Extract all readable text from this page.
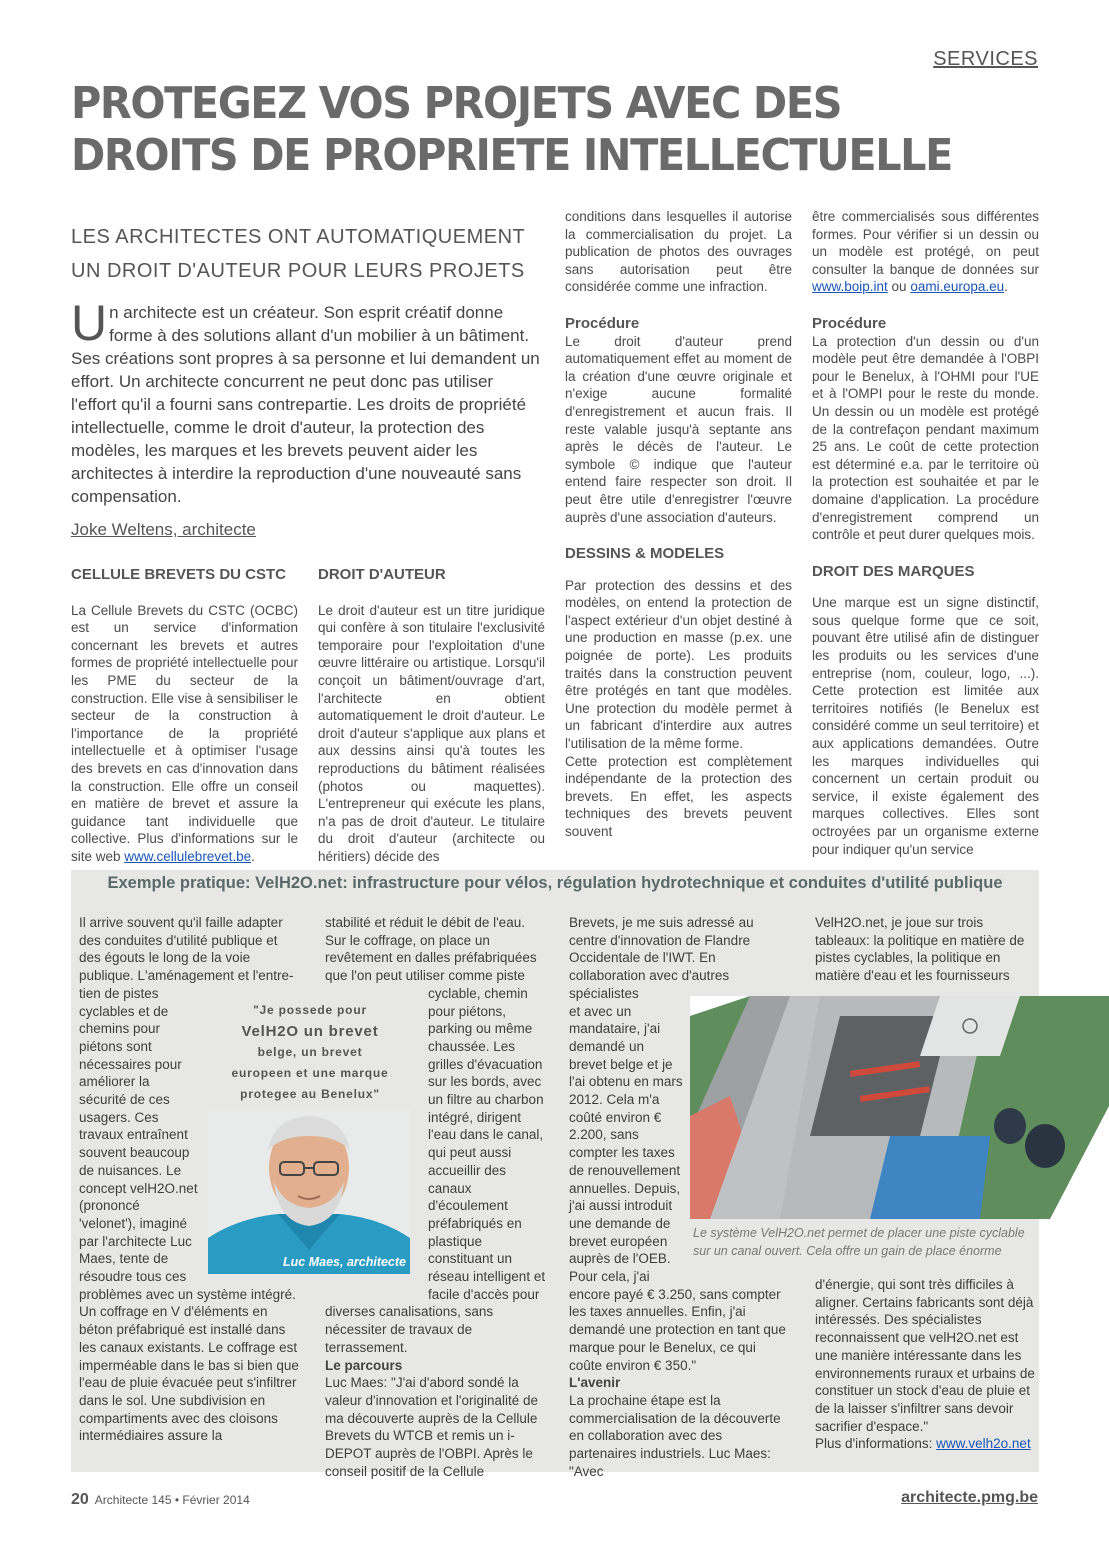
SERVICES
PROTEGEZ VOS PROJETS AVEC DES DROITS DE PROPRIETE INTELLECTUELLE
LES ARCHITECTES ONT AUTOMATIQUEMENT UN DROIT D'AUTEUR POUR LEURS PROJETS
Un architecte est un créateur. Son esprit créatif donne forme à des solutions allant d'un mobilier à un bâtiment. Ses créations sont propres à sa personne et lui demandent un effort. Un architecte concurrent ne peut donc pas utiliser l'effort qu'il a fourni sans contrepartie. Les droits de propriété intellectuelle, comme le droit d'auteur, la protection des modèles, les marques et les brevets peuvent aider les architectes à interdire la reproduction d'une nouveauté sans compensation.
Joke Weltens, architecte

CELLULE BREVETS DU CSTC

La Cellule Brevets du CSTC (OCBC) est un service d'information concernant les brevets et autres formes de propriété intellectuelle pour les PME du secteur de la construction. Elle vise à sensibiliser le secteur de la construction à l'importance de la propriété intellectuelle et à optimiser l'usage des brevets en cas d'innovation dans la construction. Elle offre un conseil en matière de brevet et assure la guidance tant individuelle que collective. Plus d'informations sur le site web www.cellulebrevet.be.

DROIT D'AUTEUR

Le droit d'auteur est un titre juridique qui confère à son titulaire l'exclusivité temporaire pour l'exploitation d'une œuvre littéraire ou artistique. Lorsqu'il conçoit un bâtiment/ouvrage d'art, l'architecte en obtient automatiquement le droit d'auteur. Le droit d'auteur s'applique aux plans et aux dessins ainsi qu'à toutes les reproductions du bâtiment réalisées (photos ou maquettes). L'entrepreneur qui exécute les plans, n'a pas de droit d'auteur. Le titulaire du droit d'auteur (architecte ou héritiers) décide des

conditions dans lesquelles il autorise la commercialisation du projet. La publication de photos des ouvrages sans autorisation peut être considérée comme une infraction.

Procédure

Le droit d'auteur prend automatiquement effet au moment de la création d'une œuvre originale et n'exige aucune formalité d'enregistrement et aucun frais. Il reste valable jusqu'à septante ans après le décès de l'auteur. Le symbole © indique que l'auteur entend faire respecter son droit. Il peut être utile d'enregistrer l'œuvre auprès d'une association d'auteurs.

DESSINS & MODELES

Par protection des dessins et des modèles, on entend la protection de l'aspect extérieur d'un objet destiné à une production en masse (p.ex. une poignée de porte). Les produits traités dans la construction peuvent être protégés en tant que modèles. Une protection du modèle permet à un fabricant d'interdire aux autres l'utilisation de la même forme.

Cette protection est complètement indépendante de la protection des brevets. En effet, les aspects techniques des brevets peuvent souvent

être commercialisés sous différentes formes. Pour vérifier si un dessin ou un modèle est protégé, on peut consulter la banque de données sur www.boip.int ou oami.europa.eu.

Procédure

La protection d'un dessin ou d'un modèle peut être demandée à l'OBPI pour le Benelux, à l'OHMI pour l'UE et à l'OMPI pour le reste du monde. Un dessin ou un modèle est protégé de la contrefaçon pendant maximum 25 ans. Le coût de cette protection est déterminé e.a. par le territoire où la protection est souhaitée et par le domaine d'application. La procédure d'enregistrement comprend un contrôle et peut durer quelques mois.

DROIT DES MARQUES

Une marque est un signe distinctif, sous quelque forme que ce soit, pouvant être utilisé afin de distinguer les produits ou les services d'une entreprise (nom, couleur, logo, ...). Cette protection est limitée aux territoires notifiés (le Benelux est considéré comme un seul territoire) et aux applications demandées. Outre les marques individuelles qui concernent un certain produit ou service, il existe également des marques collectives. Elles sont octroyées par un organisme externe pour indiquer qu'un service

Exemple pratique: VelH2O.net: infrastructure pour vélos, régulation hydrotechnique et conduites d'utilité publique

Il arrive souvent qu'il faille adapter des conduites d'utilité publique et des égouts le long de la voie publique. L'aménagement et l'entre-

tien de pistes cyclables et de chemins pour piétons sont nécessaires pour améliorer la sécurité de ces usagers. Ces travaux entraînent souvent beaucoup de nuisances. Le concept velH2O.net (prononcé 'velonet'), imaginé par l'architecte Luc Maes, tente de résoudre tous ces

problèmes avec un système intégré. Un coffrage en V d'éléments en béton préfabriqué est installé dans les canaux existants. Le coffrage est imperméable dans le bas si bien que l'eau de pluie évacuée peut s'infiltrer dans le sol. Une subdivision en compartiments avec des cloisons intermédiaires assure la

"Je possede pour
VelH2O un brevet
belge, un brevet
europeen et une marque
protegee au Benelux"
Luc Maes, architecte

stabilité et réduit le débit de l'eau. Sur le coffrage, on place un revêtement en dalles préfabriquées que l'on peut utiliser comme piste

cyclable, chemin pour piétons, parking ou même chaussée. Les grilles d'évacuation sur les bords, avec un filtre au charbon intégré, dirigent l'eau dans le canal, qui peut aussi accueillir des canaux d'écoulement préfabriqués en plastique constituant un réseau intelligent et facile d'accès pour

diverses canalisations, sans nécessiter de travaux de terrassement.

Le parcours

Luc Maes: "J'ai d'abord sondé la valeur d'innovation et l'originalité de ma découverte auprès de la Cellule Brevets du WTCB et remis un i-DEPOT auprès de l'OBPI. Après le conseil positif de la Cellule

Brevets, je me suis adressé au centre d'innovation de Flandre Occidentale de l'IWT. En collaboration avec d'autres spécialistes

et avec un mandataire, j'ai demandé un brevet belge et je l'ai obtenu en mars 2012. Cela m'a coûté environ € 2.200, sans compter les taxes de renouvellement annuelles. Depuis, j'ai aussi introduit une demande de brevet européen auprès de l'OEB. Pour cela, j'ai

encore payé € 3.250, sans compter les taxes annuelles. Enfin, j'ai demandé une protection en tant que marque pour le Benelux, ce qui coûte environ € 350."

L'avenir

La prochaine étape est la commercialisation de la découverte en collaboration avec des partenaires industriels. Luc Maes: "Avec

VelH2O.net, je joue sur trois tableaux: la politique en matière de pistes cyclables, la politique en matière d'eau et les fournisseurs

d'énergie, qui sont très difficiles à aligner. Certains fabricants sont déjà intéressés. Des spécialistes reconnaissent que velH2O.net est une manière intéressante dans les environnements ruraux et urbains de constituer un stock d'eau de pluie et de la laisser s'infiltrer sans devoir sacrifier d'espace."

Plus d'informations: www.velh2o.net

Le système VelH2O.net permet de placer une piste cyclable sur un canal ouvert. Cela offre un gain de place énorme
20 Architecte 145 • Février 2014	architecte.pmg.be
